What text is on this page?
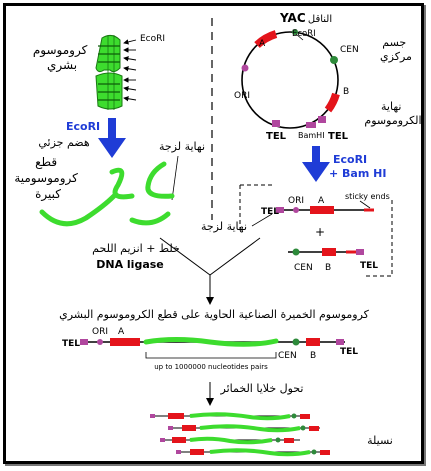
EcoRI
كروموسوم بشري
EcoRI
هضم جزئي
قطع كروموسومية كبيرة
نهاية لزجة
YAC الناقل
جسم مركزي
نهاية الكروموسوم
EcoRI
CEN
A
B
ORI
TEL	TEL
BamHI
EcoRI
+ Bam HI
TEL
ORI A	sticky ends
+
CEN B	TEL
نهاية لزجة
خلط + انزيم اللحم
DNA ligase
كروموسوم الخميرة الصناعية الحاوية على قطع الكروموسوم البشري
TEL
ORI A
CEN B	TEL
up to 1000000 nucleotides pairs
تحول خلايا الخمائر
نسيلة
